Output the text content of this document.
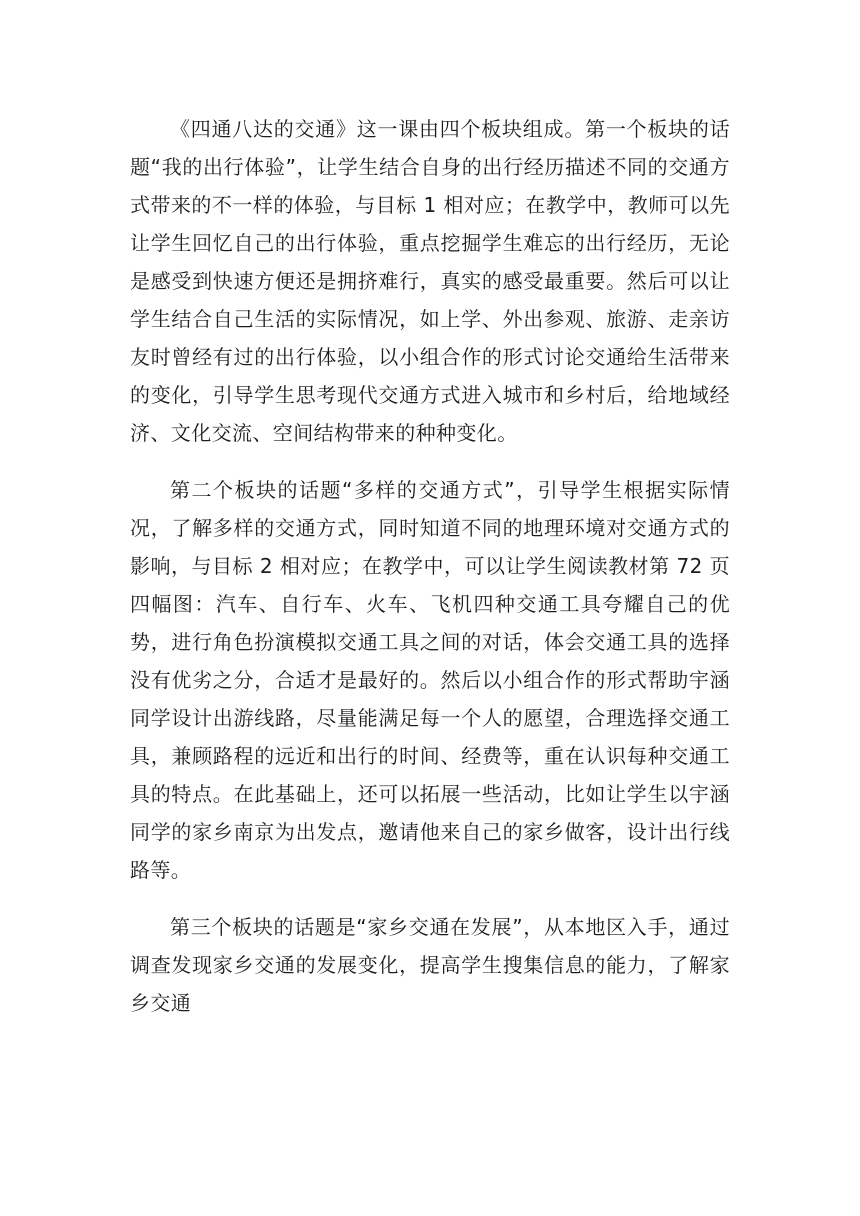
《四通八达的交通》这一课由四个板块组成。第一个板块的话题“我的出行体验”，让学生结合自身的出行经历描述不同的交通方式带来的不一样的体验，与目标 1 相对应；在教学中，教师可以先让学生回忆自己的出行体验，重点挖掘学生难忘的出行经历，无论是感受到快速方便还是拥挤难行，真实的感受最重要。然后可以让学生结合自己生活的实际情况，如上学、外出参观、旅游、走亲访友时曾经有过的出行体验，以小组合作的形式讨论交通给生活带来的变化，引导学生思考现代交通方式进入城市和乡村后，给地域经济、文化交流、空间结构带来的种种变化。

第二个板块的话题“多样的交通方式”，引导学生根据实际情况，了解多样的交通方式，同时知道不同的地理环境对交通方式的影响，与目标 2 相对应；在教学中，可以让学生阅读教材第 72 页四幅图：汽车、自行车、火车、飞机四种交通工具夸耀自己的优势，进行角色扮演模拟交通工具之间的对话，体会交通工具的选择没有优劣之分，合适才是最好的。然后以小组合作的形式帮助宇涵同学设计出游线路，尽量能满足每一个人的愿望，合理选择交通工具，兼顾路程的远近和出行的时间、经费等，重在认识每种交通工具的特点。在此基础上，还可以拓展一些活动，比如让学生以宇涵同学的家乡南京为出发点，邀请他来自己的家乡做客，设计出行线路等。

第三个板块的话题是“家乡交通在发展”，从本地区入手，通过调查发现家乡交通的发展变化，提高学生搜集信息的能力，了解家乡交通
